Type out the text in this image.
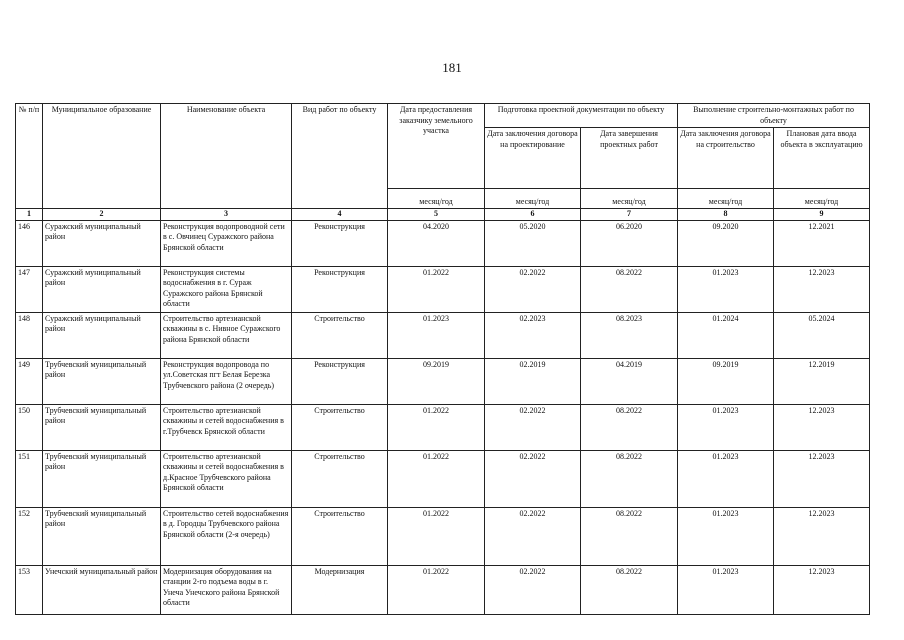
181
№ п/п	Муниципальное образование	Наименование объекта	Вид работ по объекту	Дата предоставления заказчику земельного участка	Подготовка проектной документации по объекту		Выполнение строительно-монтажных работ по объекту	
					Дата заключения договора на проектирование	Дата завершения проектных работ	Дата заключения договора на строительство	Плановая дата ввода объекта в эксплуатацию
				месяц/год	месяц/год	месяц/год	месяц/год	месяц/год
1	2	3	4	5	6	7	8	9
146	Суражский муниципальный район	Реконструкция водопроводной сети в с. Овчинец Суражского района Брянской области	Реконструкция	04.2020	05.2020	06.2020	09.2020	12.2021
147	Суражский муниципальный район	Реконструкция системы водоснабжения в г. Сураж Суражского района Брянской области	Реконструкция	01.2022	02.2022	08.2022	01.2023	12.2023
148	Суражский муниципальный район	Строительство артезианской скважины в с. Нивное Суражского района Брянской области	Строительство	01.2023	02.2023	08.2023	01.2024	05.2024
149	Трубчевский муниципальный район	Реконструкция водопровода по ул.Советская пгт Белая Березка Трубчевского района (2 очередь)	Реконструкция	09.2019	02.2019	04.2019	09.2019	12.2019
150	Трубчевский муниципальный район	Строительство артезианской скважины и сетей водоснабжения в г.Трубчевск Брянской области	Строительство	01.2022	02.2022	08.2022	01.2023	12.2023
151	Трубчевский муниципальный район	Строительство артезианской скважины и сетей водоснабжения в д.Красное Трубчевского района Брянской области	Строительство	01.2022	02.2022	08.2022	01.2023	12.2023
152	Трубчевский муниципальный район	Строительство сетей водоснабжения в д. Городцы Трубчевского района Брянской области (2-я очередь)	Строительство	01.2022	02.2022	08.2022	01.2023	12.2023
153	Унечский муниципальный район	Модернизация оборудования на станции 2-го подъема воды в г. Унеча Унечского района Брянской области	Модернизация	01.2022	02.2022	08.2022	01.2023	12.2023
